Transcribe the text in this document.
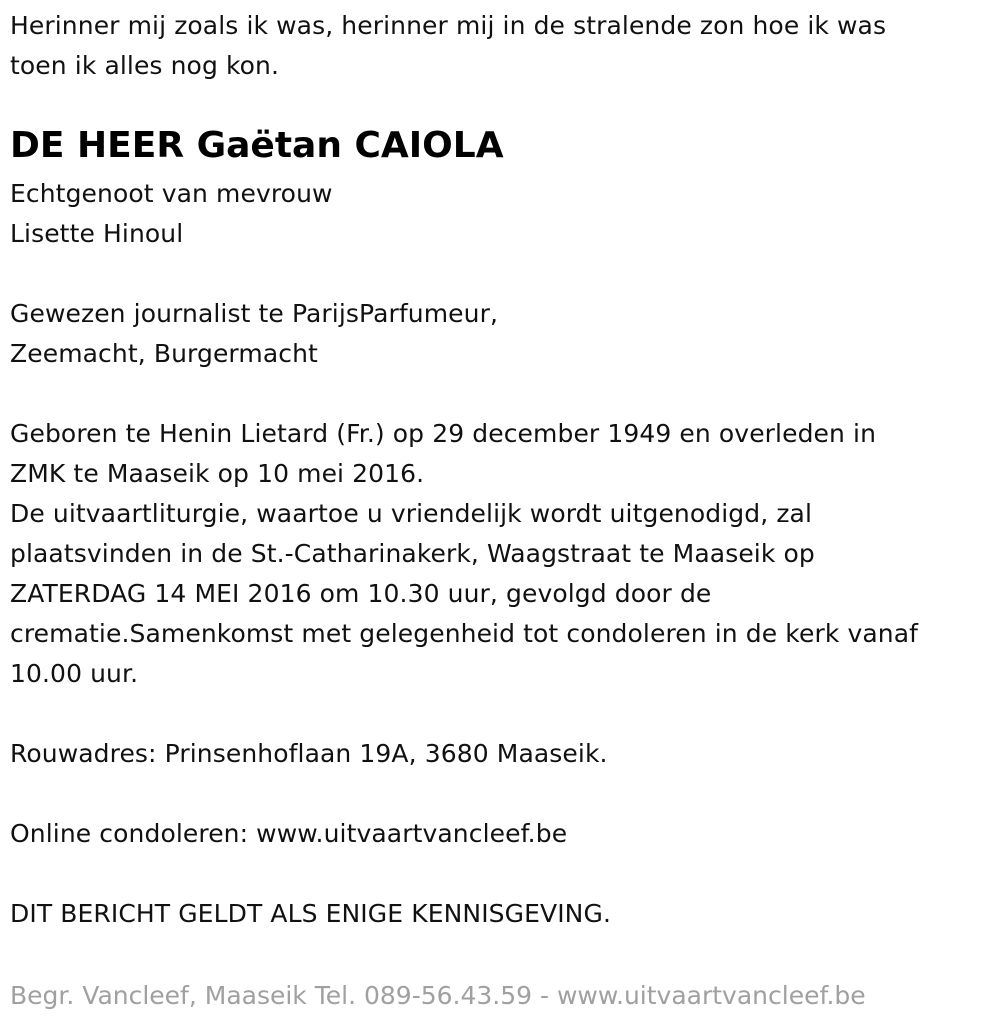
Herinner mij zoals ik was, herinner mij in de stralende zon hoe ik was
toen ik alles nog kon.
DE HEER Gaëtan CAIOLA
Echtgenoot van mevrouw
Lisette Hinoul
Gewezen journalist te ParijsParfumeur,
Zeemacht, Burgermacht
Geboren te Henin Lietard (Fr.) op 29 december 1949 en overleden in
ZMK te Maaseik op 10 mei 2016.
De uitvaartliturgie, waartoe u vriendelijk wordt uitgenodigd, zal
plaatsvinden in de St.-Catharinakerk, Waagstraat te Maaseik op
ZATERDAG 14 MEI 2016 om 10.30 uur, gevolgd door de
crematie.Samenkomst met gelegenheid tot condoleren in de kerk vanaf
10.00 uur.
Rouwadres: Prinsenhoflaan 19A, 3680 Maaseik.
Online condoleren: www.uitvaartvancleef.be
DIT BERICHT GELDT ALS ENIGE KENNISGEVING.
Begr. Vancleef, Maaseik Tel. 089-56.43.59 - www.uitvaartvancleef.be
